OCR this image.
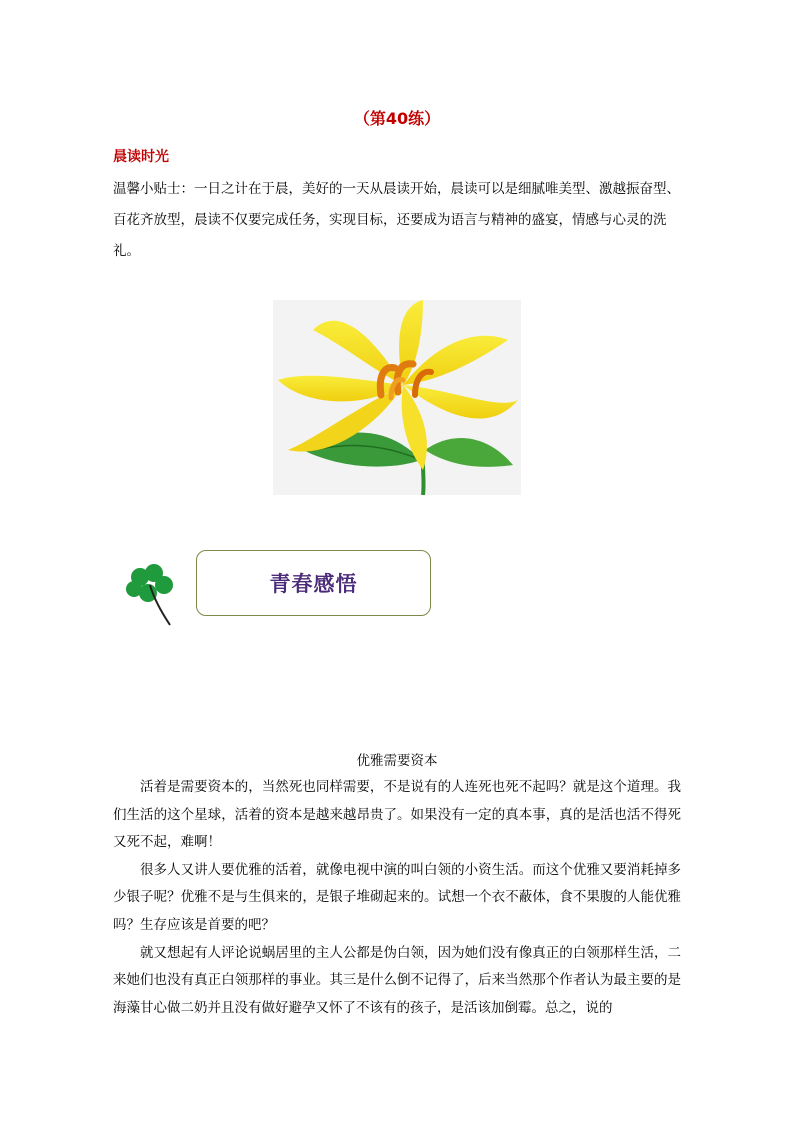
（第40练）
晨读时光
温馨小贴士：一日之计在于晨，美好的一天从晨读开始，晨读可以是细腻唯美型、激越振奋型、百花齐放型，晨读不仅要完成任务，实现目标，还要成为语言与精神的盛宴，情感与心灵的洗礼。
青春感悟
优雅需要资本

活着是需要资本的，当然死也同样需要，不是说有的人连死也死不起吗？就是这个道理。我们生活的这个星球，活着的资本是越来越昂贵了。如果没有一定的真本事，真的是活也活不得死又死不起，难啊！

很多人又讲人要优雅的活着，就像电视中演的叫白领的小资生活。而这个优雅又要消耗掉多少银子呢？优雅不是与生俱来的，是银子堆砌起来的。试想一个衣不蔽体，食不果腹的人能优雅吗？生存应该是首要的吧？

就又想起有人评论说蜗居里的主人公都是伪白领，因为她们没有像真正的白领那样生活，二来她们也没有真正白领那样的事业。其三是什么倒不记得了，后来当然那个作者认为最主要的是海藻甘心做二奶并且没有做好避孕又怀了不该有的孩子，是活该加倒霉。总之，说的
